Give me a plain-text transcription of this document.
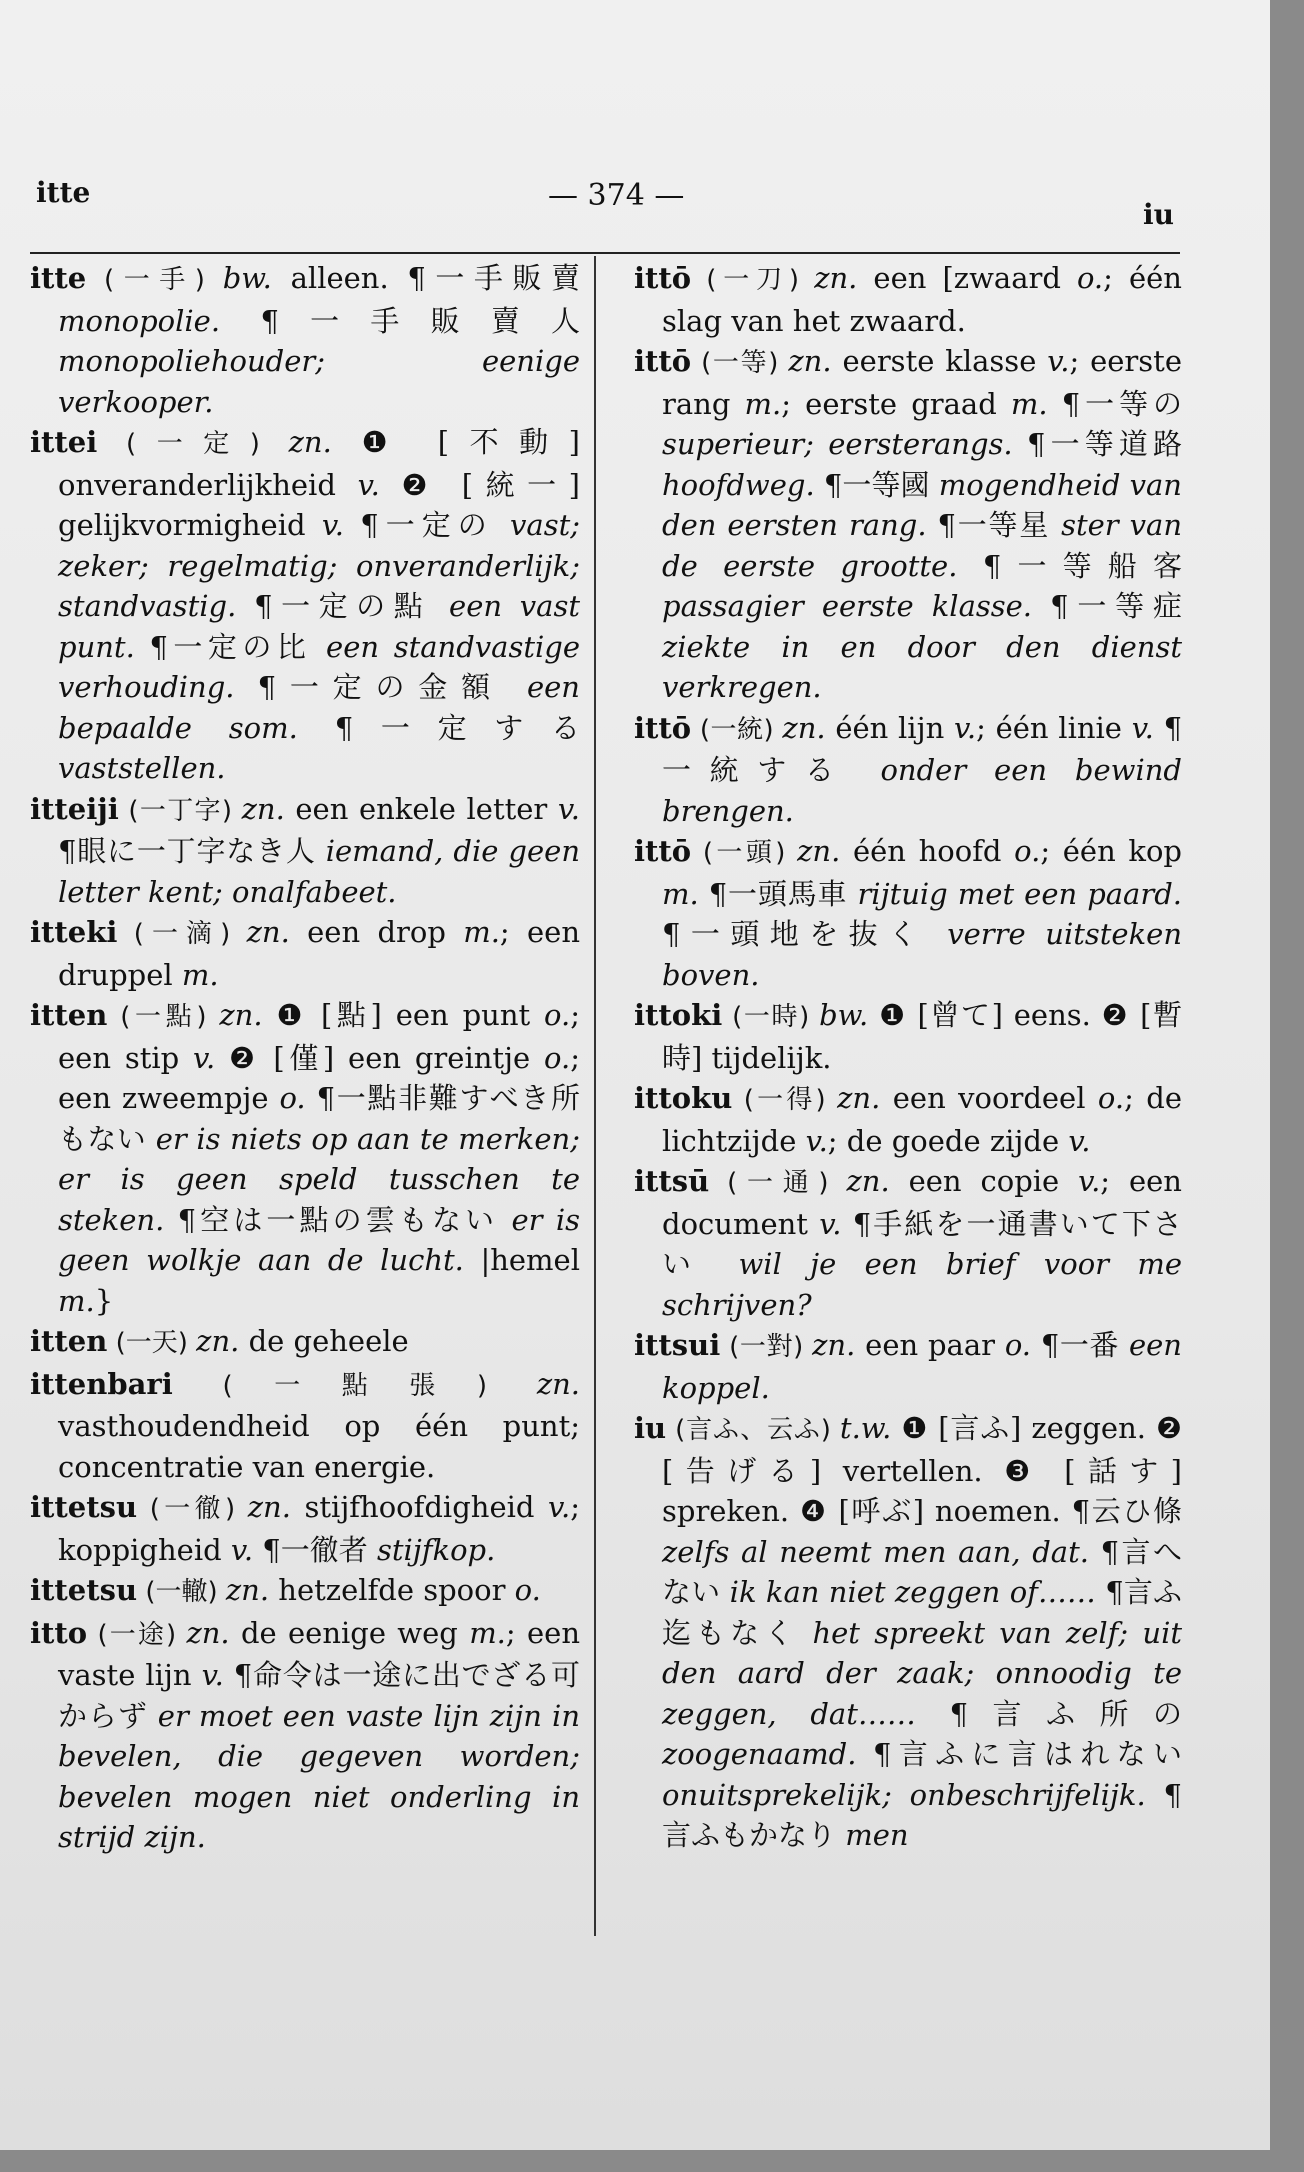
itte	— 374 —
iu

itte (一手) bw. alleen. ¶一手販賣 monopolie. ¶一手販賣人 monopoliehouder; eenige verkooper.

ittei (一定) zn. ❶ [不動] onveranderlijkheid v. ❷ [統一] gelijkvormigheid v. ¶一定の vast; zeker; regelmatig; onveranderlijk; standvastig. ¶一定の點 een vast punt. ¶一定の比 een standvastige verhouding. ¶一定の金額 een bepaalde som. ¶一定する vaststellen.

itteiji (一丁字) zn. een enkele letter v. ¶眼に一丁字なき人 iemand, die geen letter kent; onalfabeet.

itteki (一滴) zn. een drop m.; een druppel m.

itten (一點) zn. ❶ [點] een punt o.; een stip v. ❷ [僅] een greintje o.; een zweempje o. ¶一點非難すべき所もない er is niets op aan te merken; er is geen speld tusschen te steken. ¶空は一點の雲もない er is geen wolkje aan de lucht. |hemel m.}

itten (一天) zn. de geheele

ittenbari (一點張) zn. vasthoudendheid op één punt; concentratie van energie.

ittetsu (一徹) zn. stijfhoofdigheid v.; koppigheid v. ¶一徹者 stijfkop.

ittetsu (一轍) zn. hetzelfde spoor o.

itto (一途) zn. de eenige weg m.; een vaste lijn v. ¶命令は一途に出でざる可からず er moet een vaste lijn zijn in bevelen, die gegeven worden; bevelen mogen niet onderling in strijd zijn.

ittō (一刀) zn. een [zwaard o.; één slag van het zwaard.

ittō (一等) zn. eerste klasse v.; eerste rang m.; eerste graad m. ¶一等の superieur; eersterangs. ¶一等道路 hoofdweg. ¶一等國 mogendheid van den eersten rang. ¶一等星 ster van de eerste grootte. ¶一等船客 passagier eerste klasse. ¶一等症 ziekte in en door den dienst verkregen.

ittō (一統) zn. één lijn v.; één linie v. ¶一統する onder een bewind brengen.

ittō (一頭) zn. één hoofd o.; één kop m. ¶一頭馬車 rijtuig met een paard. ¶一頭地を抜く verre uitsteken boven.

ittoki (一時) bw. ❶ [曾て] eens. ❷ [暫時] tijdelijk.

ittoku (一得) zn. een voordeel o.; de lichtzijde v.; de goede zijde v.

ittsū (一通) zn. een copie v.; een document v. ¶手紙を一通書いて下さい wil je een brief voor me schrijven?

ittsui (一對) zn. een paar o. ¶一番 een koppel.

iu (言ふ、云ふ) t.w. ❶ [言ふ] zeggen. ❷ [告げる] vertellen. ❸ [話す] spreken. ❹ [呼ぶ] noemen. ¶云ひ條 zelfs al neemt men aan, dat. ¶言へない ik kan niet zeggen of…… ¶言ふ迄もなく het spreekt van zelf; uit den aard der zaak; onnoodig te zeggen, dat…… ¶言ふ所の zoogenaamd. ¶言ふに言はれない onuitsprekelijk; onbeschrijfelijk. ¶言ふもかなり men
